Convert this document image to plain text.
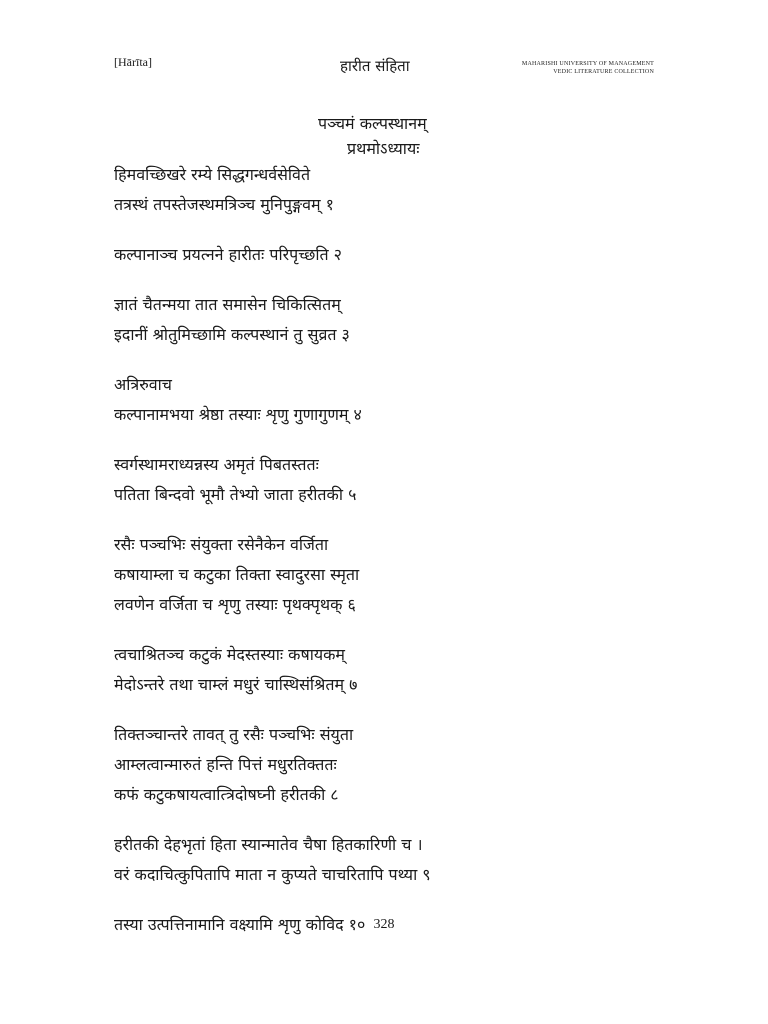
[Hārīta]	हारीत संहिता	MAHARISHI UNIVERSITY OF MANAGEMENT
VEDIC LITERATURE COLLECTION
पञ्चमं कल्पस्थानम्
प्रथमोऽध्यायः
हिमवच्छिखरे रम्ये सिद्धगन्धर्वसेविते
तत्रस्थं तपस्तेजस्थमत्रिञ्च मुनिपुङ्गवम् १
कल्पानाञ्च प्रयत्नने हारीतः परिपृच्छति २
ज्ञातं चैतन्मया तात समासेन चिकित्सितम्
इदानीं श्रोतुमिच्छामि कल्पस्थानं तु सुव्रत ३
अत्रिरुवाच
कल्पानामभया श्रेष्ठा तस्याः शृणु गुणागुणम् ४
स्वर्गस्थामराध्यन्नस्य अमृतं पिबतस्ततः
पतिता बिन्दवो भूमौ तेभ्यो जाता हरीतकी ५
रसैः पञ्चभिः संयुक्ता रसेनैकेन वर्जिता
कषायाम्ला च कटुका तिक्ता स्वादुरसा स्मृता
लवणेन वर्जिता च शृणु तस्याः पृथक्पृथक् ६
त्वचाश्रितञ्च कटुकं मेदस्तस्याः कषायकम्
मेदोऽन्तरे तथा चाम्लं मधुरं चास्थिसंश्रितम् ७
तिक्तञ्चान्तरे तावत् तु रसैः पञ्चभिः संयुता
आम्लत्वान्मारुतं हन्ति पित्तं मधुरतिक्ततः
कफं कटुकषायत्वात्त्रिदोषघ्नी हरीतकी ८
हरीतकी देहभृतां हिता स्यान्मातेव चैषा हितकारिणी च ।
वरं कदाचित्कुपितापि माता न कुप्यते चाचरितापि पथ्या ९
तस्या उत्पत्तिनामानि वक्ष्यामि शृणु कोविद १० 328
